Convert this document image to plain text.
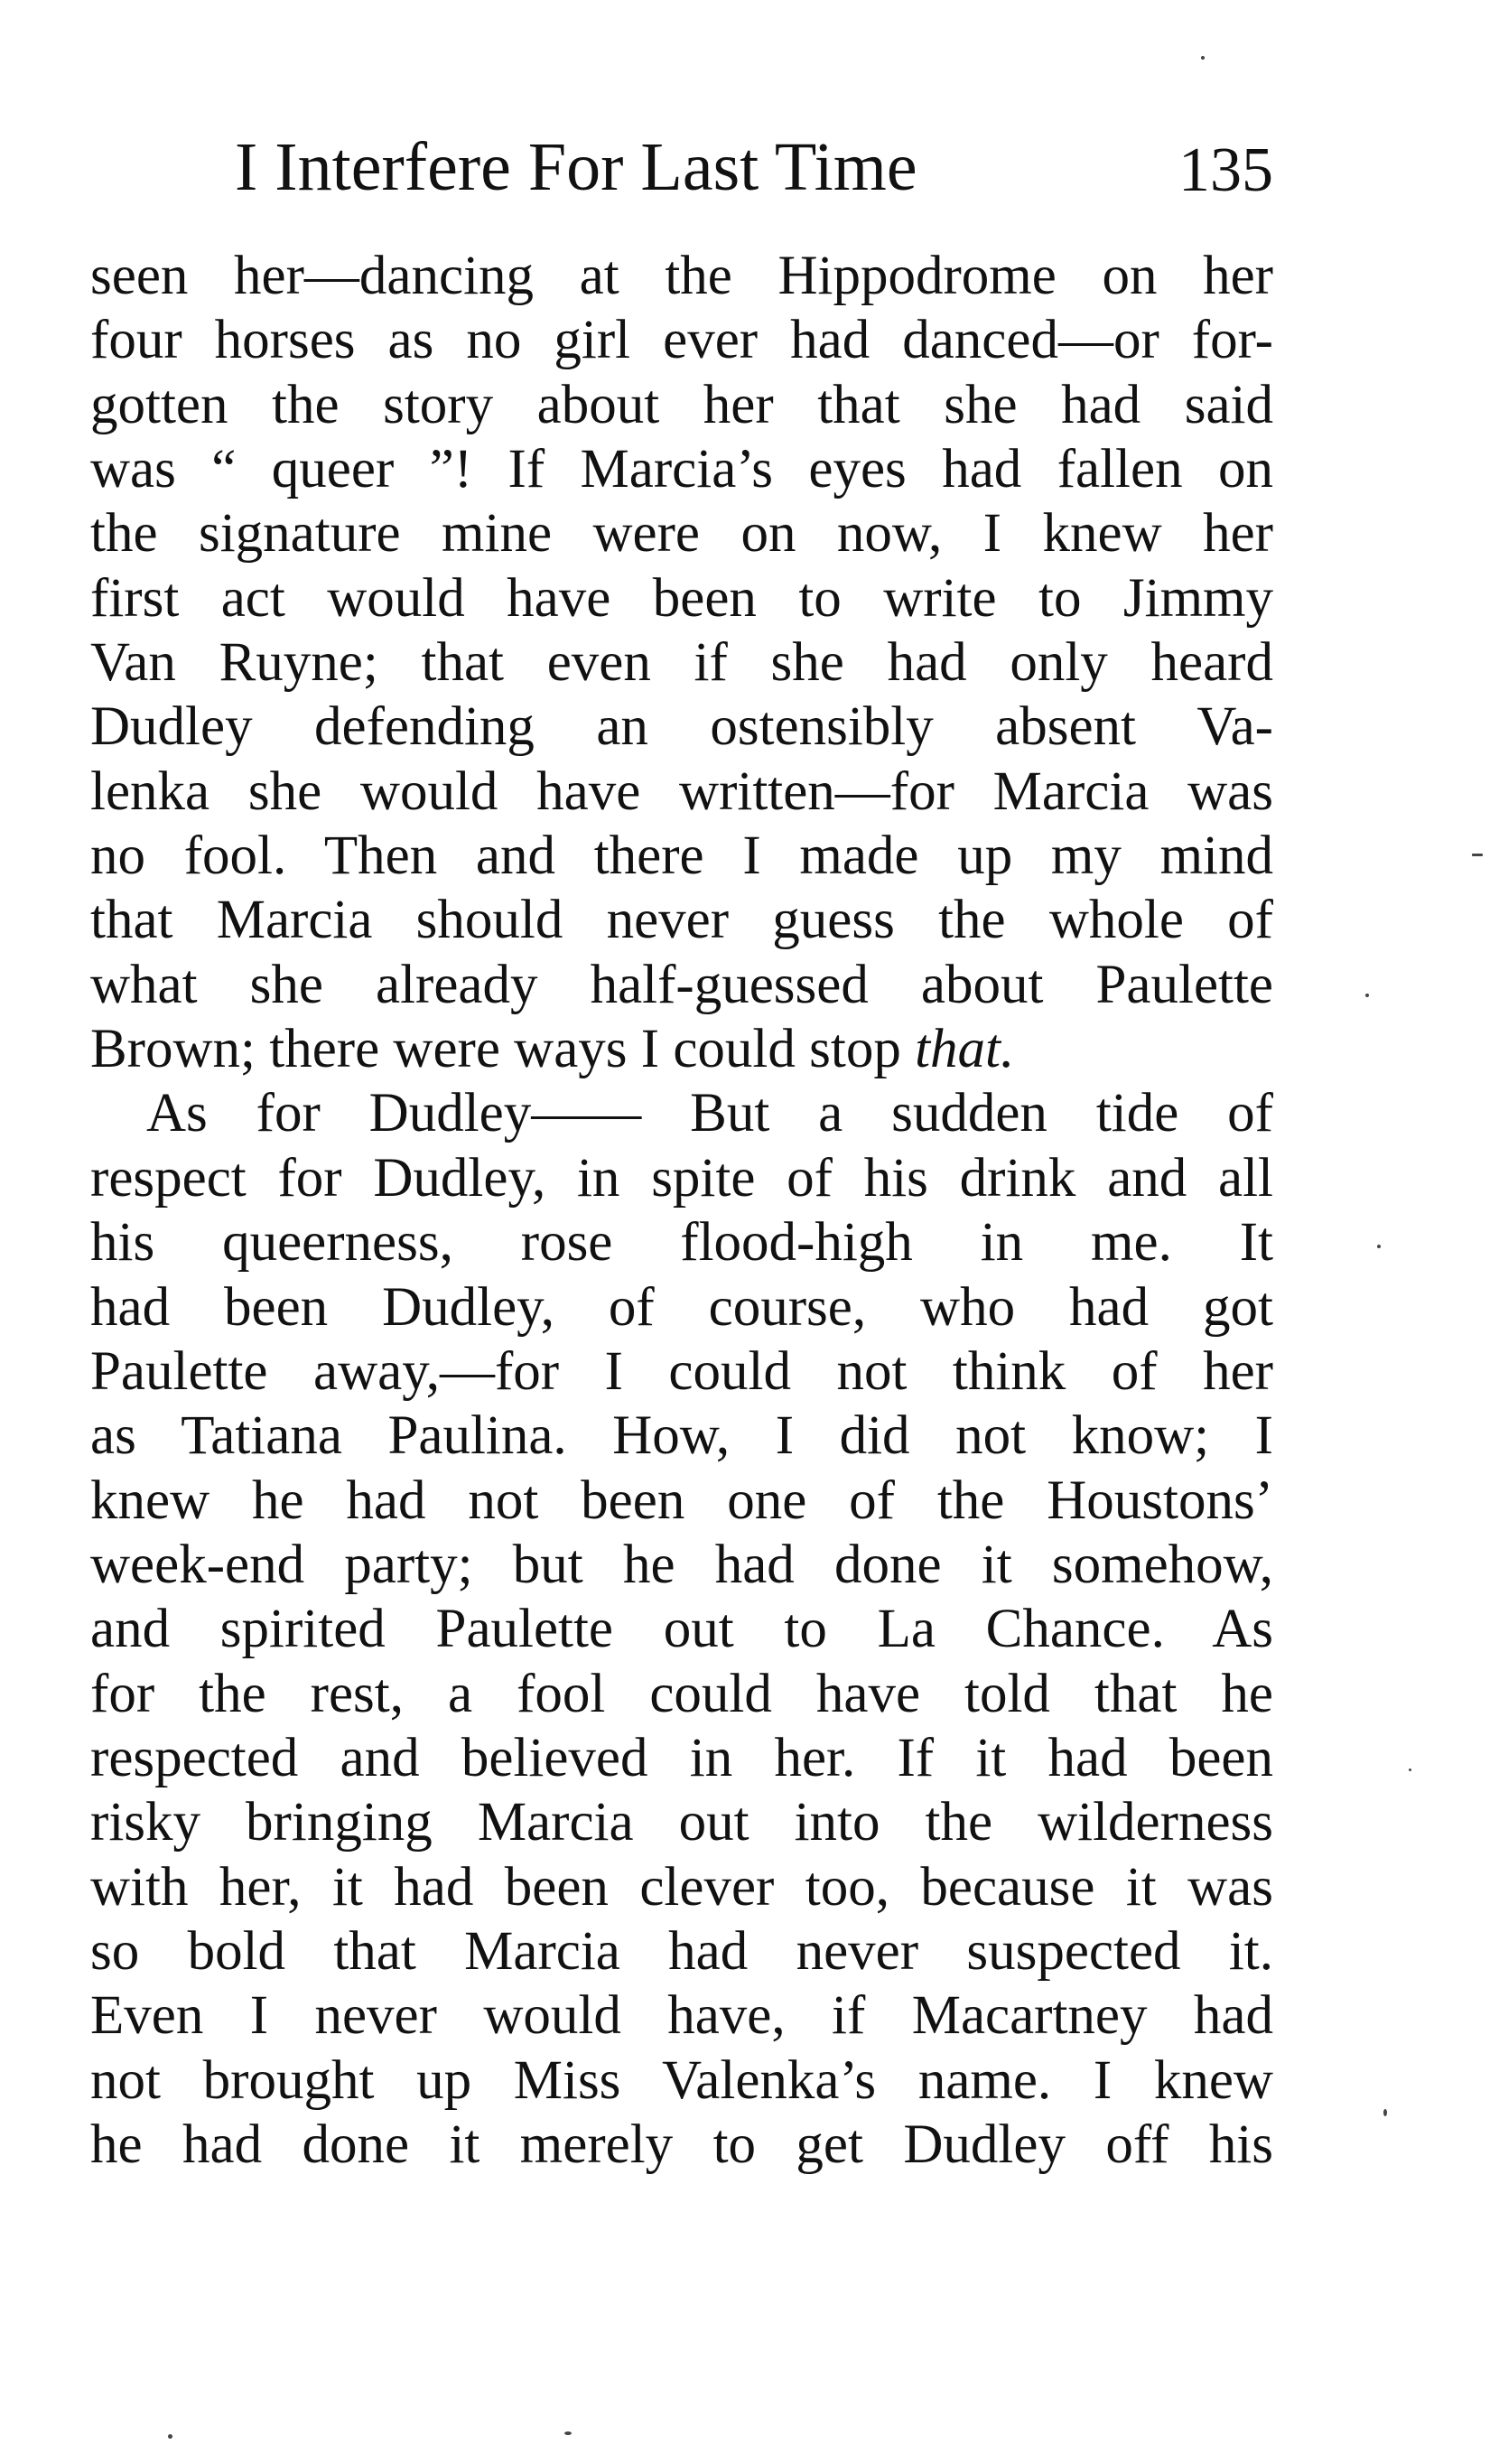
I Interfere For Last Time	135
seen her—dancing at the Hippodrome on her
four horses as no girl ever had danced—or for-
gotten the story about her that she had said
was “ queer ”! If Marcia’s eyes had fallen on
the signature mine were on now, I knew her
first act would have been to write to Jimmy
Van Ruyne; that even if she had only heard
Dudley defending an ostensibly absent Va-
lenka she would have written—for Marcia was
no fool. Then and there I made up my mind
that Marcia should never guess the whole of
what she already half-guessed about Paulette
Brown; there were ways I could stop that.
As for Dudley—— But a sudden tide of
respect for Dudley, in spite of his drink and all
his queerness, rose flood-high in me. It
had been Dudley, of course, who had got
Paulette away,—for I could not think of her
as Tatiana Paulina. How, I did not know; I
knew he had not been one of the Houstons’
week-end party; but he had done it somehow,
and spirited Paulette out to La Chance. As
for the rest, a fool could have told that he
respected and believed in her. If it had been
risky bringing Marcia out into the wilderness
with her, it had been clever too, because it was
so bold that Marcia had never suspected it.
Even I never would have, if Macartney had
not brought up Miss Valenka’s name. I knew
he had done it merely to get Dudley off his
